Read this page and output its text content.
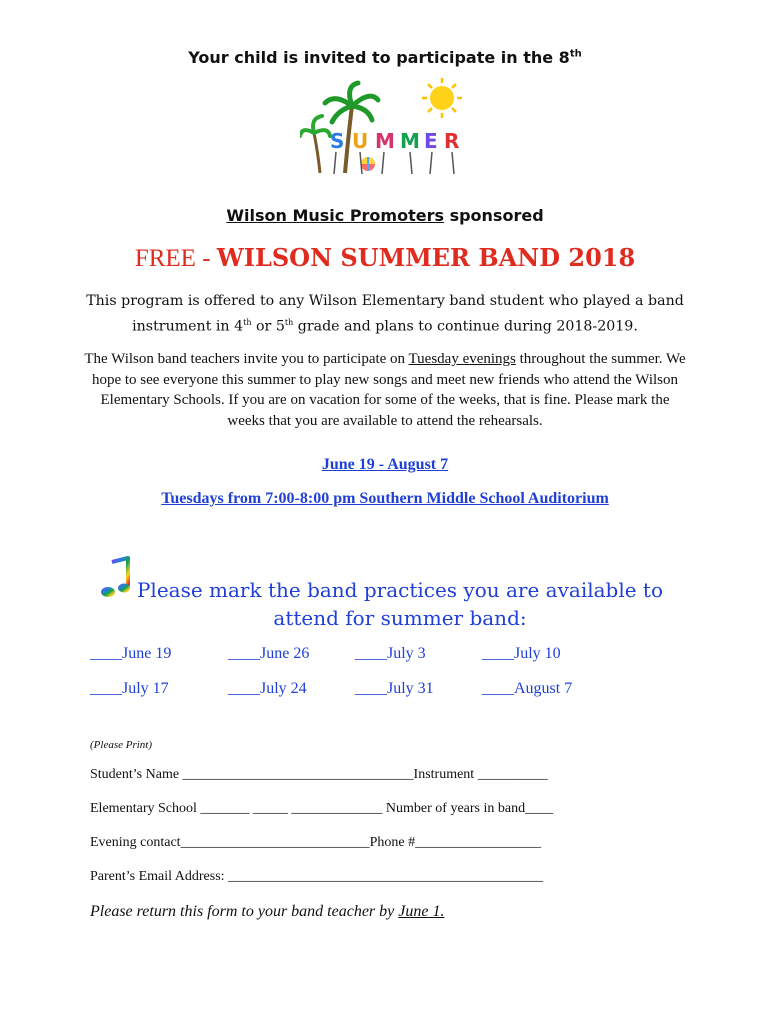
Your child is invited to participate in the 8th
S U M M E R
Wilson Music Promoters sponsored
FREE - WILSON SUMMER BAND 2018
This program is offered to any Wilson Elementary band student who played a band
instrument in 4th or 5th grade and plans to continue during 2018-2019.
The Wilson band teachers invite you to participate on Tuesday evenings throughout the summer. We hope to see everyone this summer to play new songs and meet new friends who attend the Wilson Elementary Schools. If you are on vacation for some of the weeks, that is fine. Please mark the weeks that you are available to attend the rehearsals.
June 19 - August 7
Tuesdays from 7:00-8:00 pm Southern Middle School Auditorium
Please mark the band practices you are available to
attend for summer band:
____June 19	____June 26	____July 3	____July 10
____July 17	____July 24	____July 31	____August 7
(Please Print)
Student’s Name _________________________________Instrument __________
Elementary School _______ _____ _____________ Number of years in band____
Evening contact___________________________Phone #__________________
Parent’s Email Address: _____________________________________________
Please return this form to your band teacher by June 1.
